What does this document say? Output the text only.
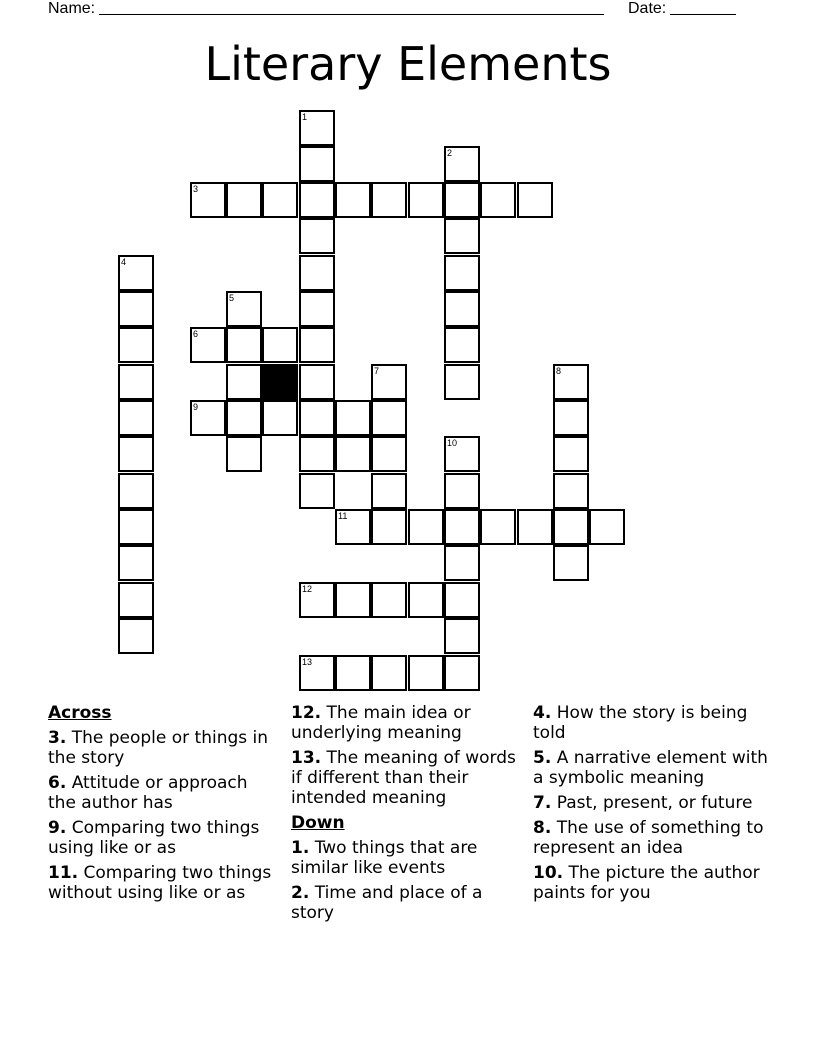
Name:	Date:
Literary Elements
1
2
3
4
5
6
7	8
9
10
11
12
13
Across
3. The people or things in the story
6. Attitude or approach the author has
9. Comparing two things using like or as
11. Comparing two things without using like or as
12. The main idea or underlying meaning
13. The meaning of words if different than their intended meaning
Down
1. Two things that are similar like events
2. Time and place of a story
4. How the story is being told
5. A narrative element with a symbolic meaning
7. Past, present, or future
8. The use of something to represent an idea
10. The picture the author paints for you
